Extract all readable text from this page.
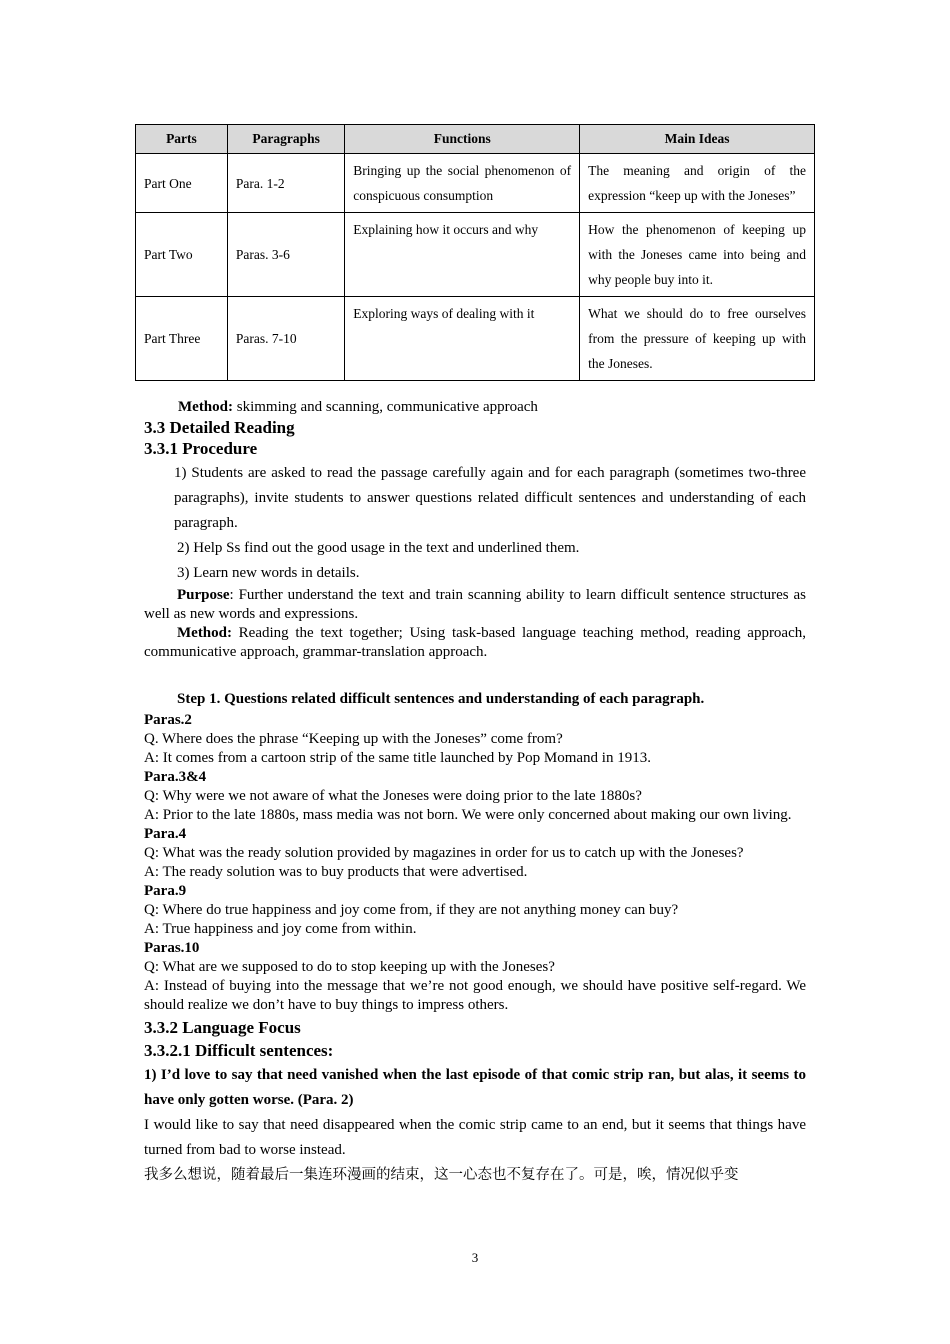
Parts	Paragraphs	Functions	Main Ideas
Part One	Para. 1-2	Bringing up the social phenomenon of conspicuous consumption	The meaning and origin of the expression “keep up with the Joneses”
Part Two	Paras. 3-6	Explaining how it occurs and why	How the phenomenon of keeping up with the Joneses came into being and why people buy into it.
Part Three	Paras. 7-10	Exploring ways of dealing with it	What we should do to free ourselves from the pressure of keeping up with the Joneses.
Method: skimming and scanning, communicative approach
3.3 Detailed Reading
3.3.1 Procedure
1) Students are asked to read the passage carefully again and for each paragraph (sometimes two-three paragraphs), invite students to answer questions related difficult sentences and understanding of each paragraph.
2) Help Ss find out the good usage in the text and underlined them.
3) Learn new words in details.
Purpose: Further understand the text and train scanning ability to learn difficult sentence structures as well as new words and expressions.
Method: Reading the text together; Using task-based language teaching method, reading approach, communicative approach, grammar-translation approach.
Step 1. Questions related difficult sentences and understanding of each paragraph.
Paras.2
Q. Where does the phrase “Keeping up with the Joneses” come from?
A: It comes from a cartoon strip of the same title launched by Pop Momand in 1913.
Para.3&4
Q: Why were we not aware of what the Joneses were doing prior to the late 1880s?
A: Prior to the late 1880s, mass media was not born. We were only concerned about making our own living.
Para.4
Q: What was the ready solution provided by magazines in order for us to catch up with the Joneses?
A: The ready solution was to buy products that were advertised.
Para.9
Q: Where do true happiness and joy come from, if they are not anything money can buy?
A: True happiness and joy come from within.
Paras.10
Q: What are we supposed to do to stop keeping up with the Joneses?
A: Instead of buying into the message that we’re not good enough, we should have positive self-regard. We should realize we don’t have to buy things to impress others.
3.3.2 Language Focus
3.3.2.1 Difficult sentences:
1) I’d love to say that need vanished when the last episode of that comic strip ran, but alas, it seems to have only gotten worse. (Para. 2)
I would like to say that need disappeared when the comic strip came to an end, but it seems that things have turned from bad to worse instead.
我多么想说，随着最后一集连环漫画的结束，这一心态也不复存在了。可是，唉，情况似乎变
3
